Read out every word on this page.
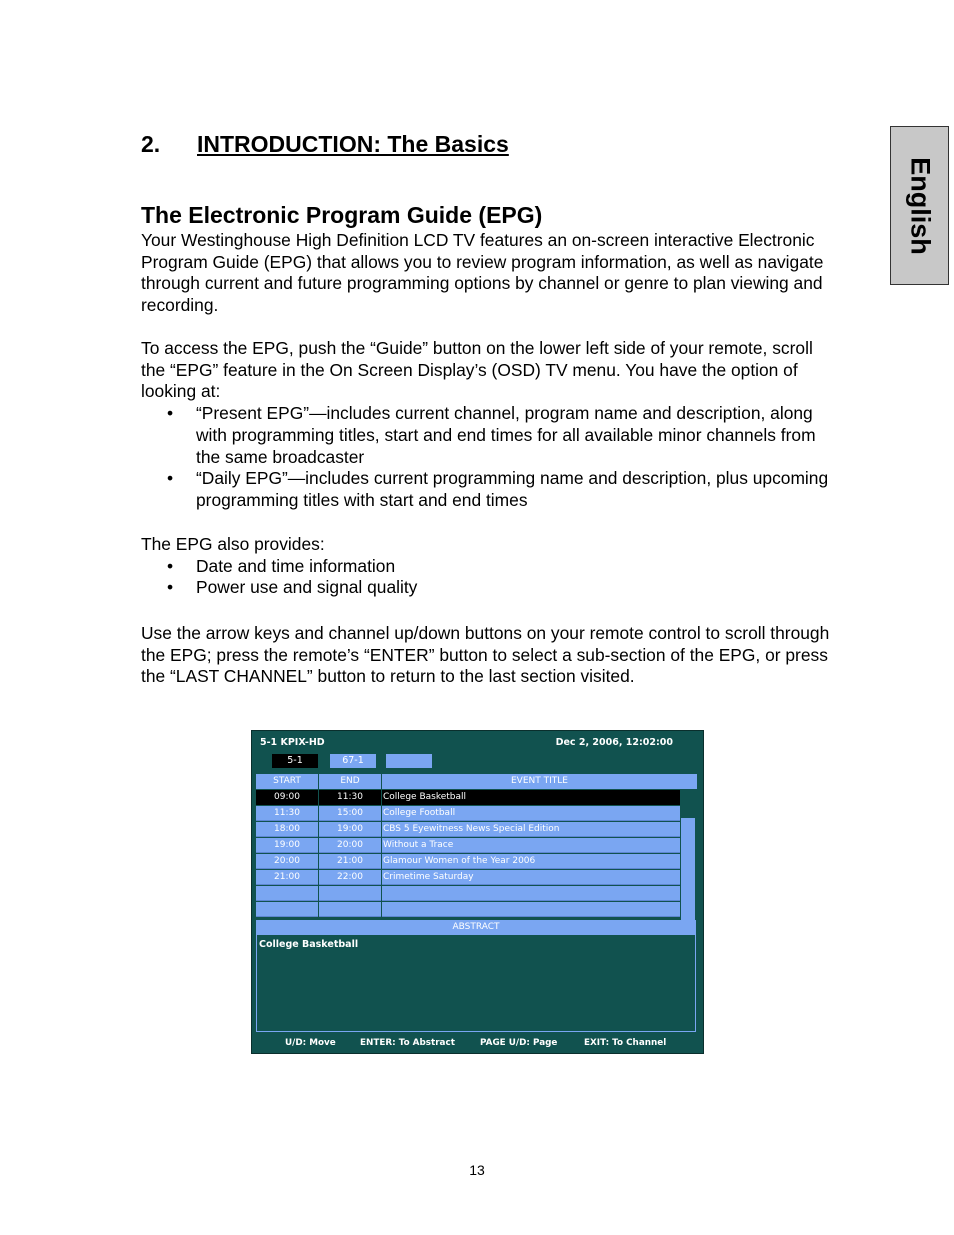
2. INTRODUCTION: The Basics
The Electronic Program Guide (EPG)	English

Your Westinghouse High Definition LCD TV features an on-screen interactive Electronic Program Guide (EPG) that allows you to review program information, as well as navigate through current and future programming options by channel or genre to plan viewing and recording.

To access the EPG, push the “Guide” button on the lower left side of your remote, scroll the “EPG” feature in the On Screen Display’s (OSD) TV menu. You have the option of looking at:

• “Present EPG”—includes current channel, program name and description, along with programming titles, start and end times for all available minor channels from the same broadcaster
• “Daily EPG”—includes current programming name and description, plus upcoming programming titles with start and end times

The EPG also provides:

• Date and time information
• Power use and signal quality

Use the arrow keys and channel up/down buttons on your remote control to scroll through the EPG; press the remote’s “ENTER” button to select a sub-section of the EPG, or press the “LAST CHANNEL” button to return to the last section visited.

5-1 KPIX-HD	Dec 2, 2006, 12:02:00
5-1	67-1
START	END	EVENT TITLE
09:00	11:30	College Basketball
11:30	15:00	College Football
18:00	19:00	CBS 5 Eyewitness News Special Edition
19:00	20:00	Without a Trace
20:00	21:00	Glamour Women of the Year 2006
21:00	22:00	Crimetime Saturday
ABSTRACT
College Basketball
U/D: Move	ENTER: To Abstract	PAGE U/D: Page	EXIT: To Channel
13
